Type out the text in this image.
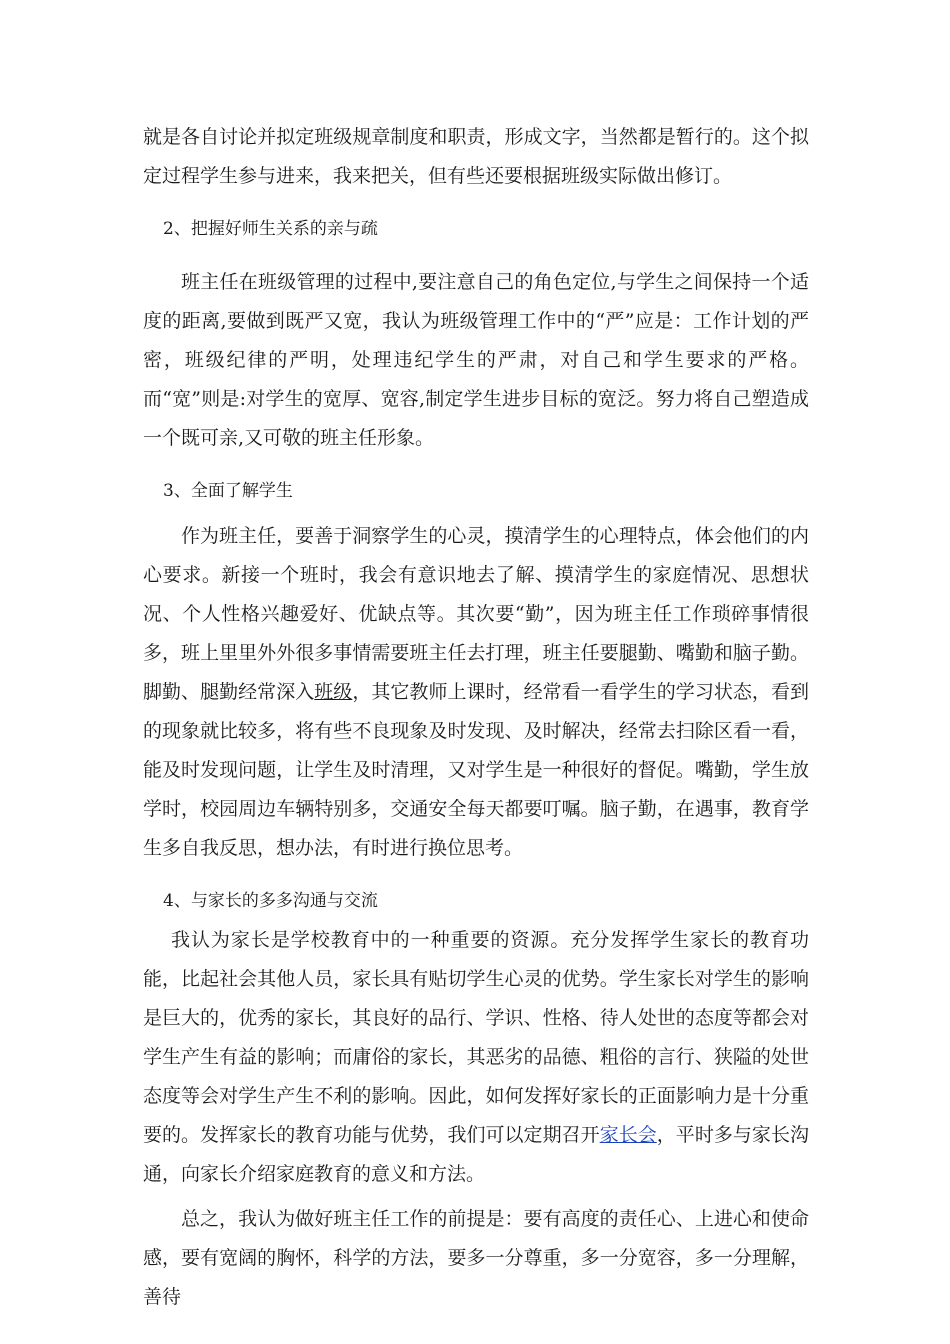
就是各自讨论并拟定班级规章制度和职责，形成文字，当然都是暂行的。这个拟定过程学生参与进来，我来把关，但有些还要根据班级实际做出修订。

2、把握好师生关系的亲与疏

班主任在班级管理的过程中,要注意自己的角色定位,与学生之间保持一个适度的距离,要做到既严又宽，我认为班级管理工作中的“严”应是：工作计划的严密，班级纪律的严明，处理违纪学生的严肃，对自己和学生要求的严格。而“宽”则是:对学生的宽厚、宽容,制定学生进步目标的宽泛。努力将自己塑造成一个既可亲,又可敬的班主任形象。

3、全面了解学生

作为班主任，要善于洞察学生的心灵，摸清学生的心理特点，体会他们的内心要求。新接一个班时，我会有意识地去了解、摸清学生的家庭情况、思想状况、个人性格兴趣爱好、优缺点等。其次要“勤”，因为班主任工作琐碎事情很多，班上里里外外很多事情需要班主任去打理，班主任要腿勤、嘴勤和脑子勤。脚勤、腿勤经常深入班级，其它教师上课时，经常看一看学生的学习状态，看到的现象就比较多，将有些不良现象及时发现、及时解决，经常去扫除区看一看，能及时发现问题，让学生及时清理，又对学生是一种很好的督促。嘴勤，学生放学时，校园周边车辆特别多，交通安全每天都要叮嘱。脑子勤，在遇事，教育学生多自我反思，想办法，有时进行换位思考。

4、与家长的多多沟通与交流

我认为家长是学校教育中的一种重要的资源。充分发挥学生家长的教育功能，比起社会其他人员，家长具有贴切学生心灵的优势。学生家长对学生的影响是巨大的，优秀的家长，其良好的品行、学识、性格、待人处世的态度等都会对学生产生有益的影响；而庸俗的家长，其恶劣的品德、粗俗的言行、狭隘的处世态度等会对学生产生不利的影响。因此，如何发挥好家长的正面影响力是十分重要的。发挥家长的教育功能与优势，我们可以定期召开家长会，平时多与家长沟通，向家长介绍家庭教育的意义和方法。

总之，我认为做好班主任工作的前提是：要有高度的责任心、上进心和使命感，要有宽阔的胸怀，科学的方法，要多一分尊重，多一分宽容，多一分理解，善待
